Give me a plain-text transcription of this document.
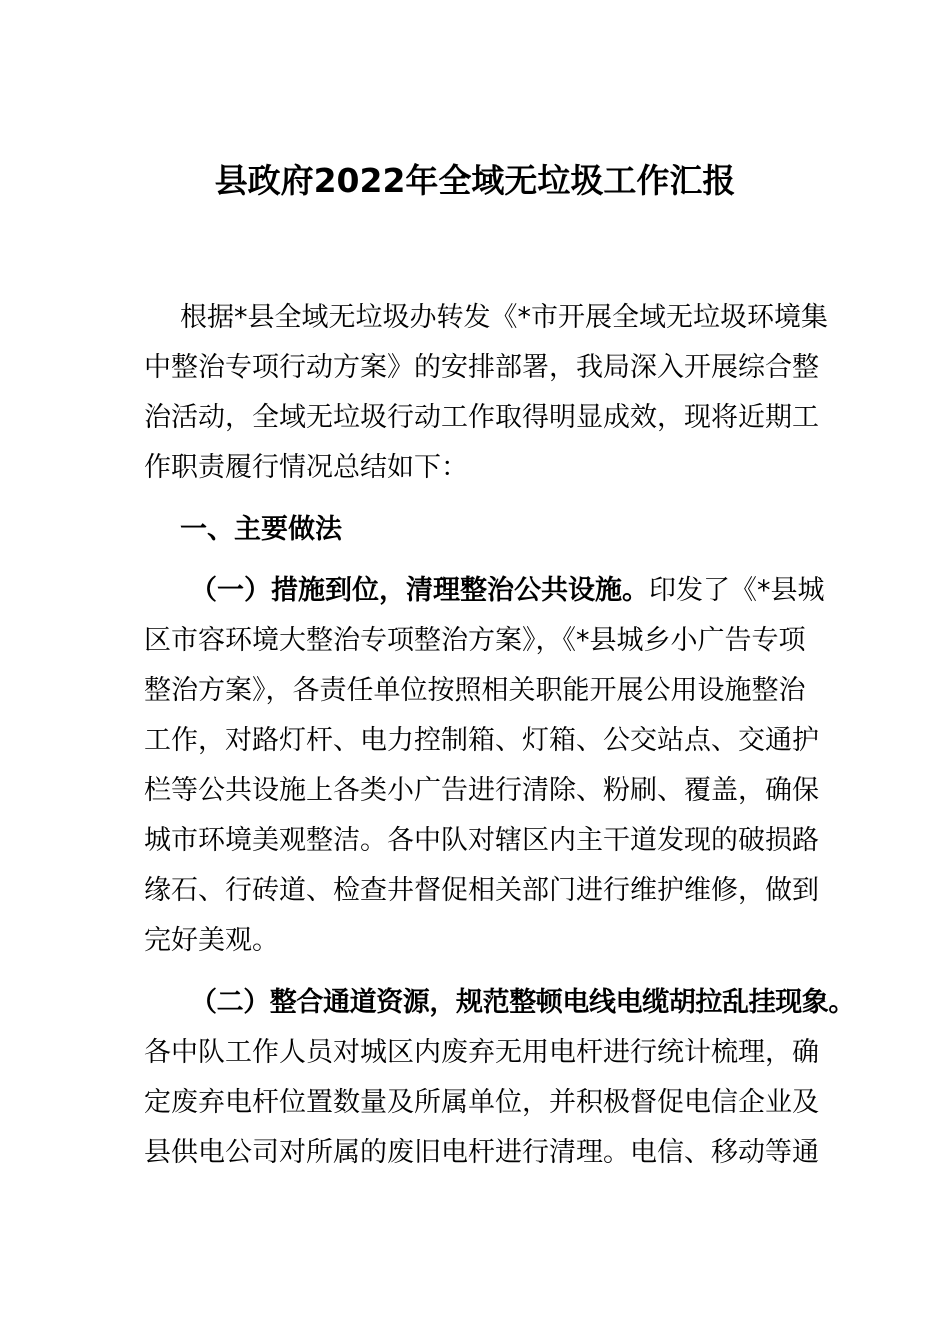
县政府2022年全域无垃圾工作汇报
根据*县全域无垃圾办转发《*市开展全域无垃圾环境集
中整治专项行动方案》的安排部署，我局深入开展综合整
治活动，全域无垃圾行动工作取得明显成效，现将近期工
作职责履行情况总结如下：
一、主要做法
（一）措施到位，清理整治公共设施。印发了《*县城
区市容环境大整治专项整治方案》，《*县城乡小广告专项
整治方案》，各责任单位按照相关职能开展公用设施整治
工作，对路灯杆、电力控制箱、灯箱、公交站点、交通护
栏等公共设施上各类小广告进行清除、粉刷、覆盖，确保
城市环境美观整洁。各中队对辖区内主干道发现的破损路
缘石、行砖道、检查井督促相关部门进行维护维修，做到
完好美观。
（二）整合通道资源，规范整顿电线电缆胡拉乱挂现象。
各中队工作人员对城区内废弃无用电杆进行统计梳理，确
定废弃电杆位置数量及所属单位，并积极督促电信企业及
县供电公司对所属的废旧电杆进行清理。电信、移动等通
